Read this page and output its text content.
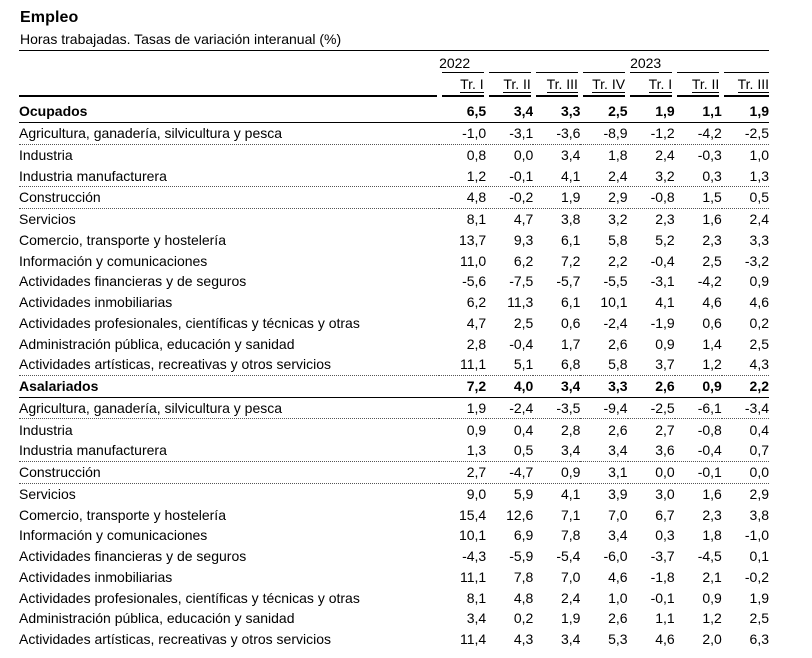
Empleo
Horas trabajadas. Tasas de variación interanual (%)
	2022				2023		
	Tr. I	Tr. II	Tr. III	Tr. IV	Tr. I	Tr. II	Tr. III

Ocupados	6,5	3,4	3,3	2,5	1,9	1,1	1,9
Agricultura, ganadería, silvicultura y pesca	-1,0	-3,1	-3,6	-8,9	-1,2	-4,2	-2,5
Industria	0,8	0,0	3,4	1,8	2,4	-0,3	1,0
Industria manufacturera	1,2	-0,1	4,1	2,4	3,2	0,3	1,3
Construcción	4,8	-0,2	1,9	2,9	-0,8	1,5	0,5
Servicios	8,1	4,7	3,8	3,2	2,3	1,6	2,4
Comercio, transporte y hostelería	13,7	9,3	6,1	5,8	5,2	2,3	3,3
Información y comunicaciones	11,0	6,2	7,2	2,2	-0,4	2,5	-3,2
Actividades financieras y de seguros	-5,6	-7,5	-5,7	-5,5	-3,1	-4,2	0,9
Actividades inmobiliarias	6,2	11,3	6,1	10,1	4,1	4,6	4,6
Actividades profesionales, científicas y técnicas y otras	4,7	2,5	0,6	-2,4	-1,9	0,6	0,2
Administración pública, educación y sanidad	2,8	-0,4	1,7	2,6	0,9	1,4	2,5
Actividades artísticas, recreativas y otros servicios	11,1	5,1	6,8	5,8	3,7	1,2	4,3
Asalariados	7,2	4,0	3,4	3,3	2,6	0,9	2,2
Agricultura, ganadería, silvicultura y pesca	1,9	-2,4	-3,5	-9,4	-2,5	-6,1	-3,4
Industria	0,9	0,4	2,8	2,6	2,7	-0,8	0,4
Industria manufacturera	1,3	0,5	3,4	3,4	3,6	-0,4	0,7
Construcción	2,7	-4,7	0,9	3,1	0,0	-0,1	0,0
Servicios	9,0	5,9	4,1	3,9	3,0	1,6	2,9
Comercio, transporte y hostelería	15,4	12,6	7,1	7,0	6,7	2,3	3,8
Información y comunicaciones	10,1	6,9	7,8	3,4	0,3	1,8	-1,0
Actividades financieras y de seguros	-4,3	-5,9	-5,4	-6,0	-3,7	-4,5	0,1
Actividades inmobiliarias	11,1	7,8	7,0	4,6	-1,8	2,1	-0,2
Actividades profesionales, científicas y técnicas y otras	8,1	4,8	2,4	1,0	-0,1	0,9	1,9
Administración pública, educación y sanidad	3,4	0,2	1,9	2,6	1,1	1,2	2,5
Actividades artísticas, recreativas y otros servicios	11,4	4,3	3,4	5,3	4,6	2,0	6,3
